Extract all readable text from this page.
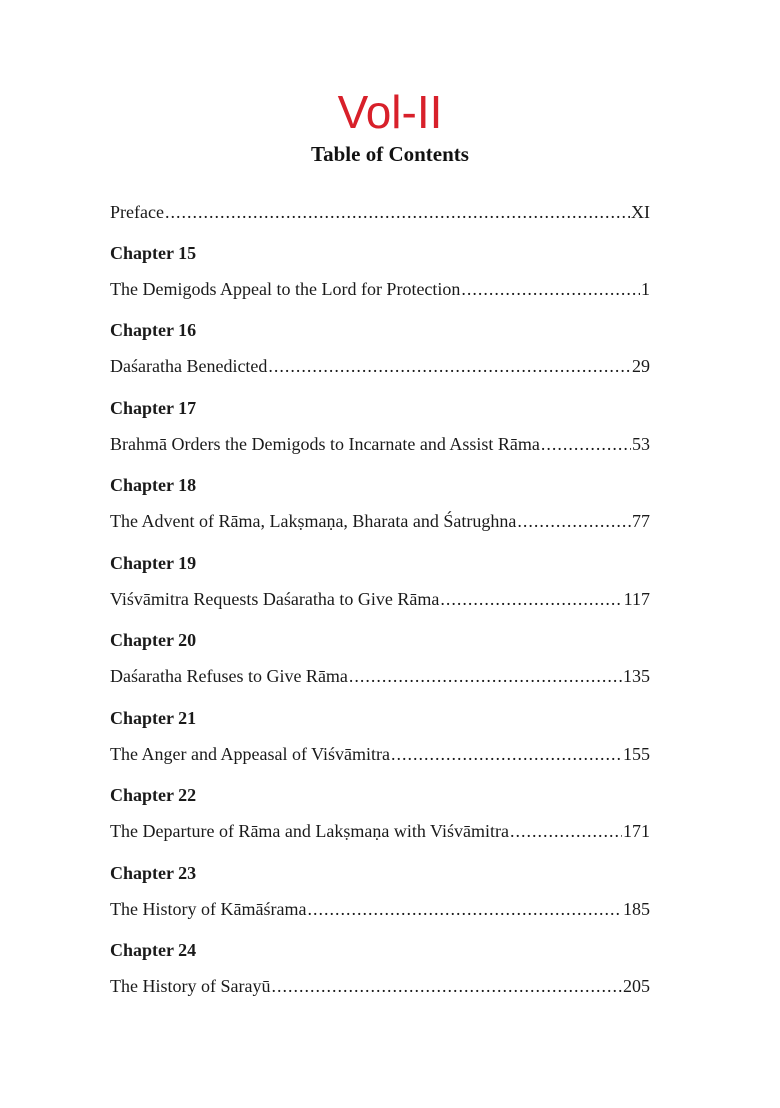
Vol-II
Table of Contents
Preface .....	XI
Chapter 15
The Demigods Appeal to the Lord for Protection .....	1
Chapter 16
Daśaratha Benedicted .....	29
Chapter 17
Brahmā Orders the Demigods to Incarnate and Assist Rāma .....	53
Chapter 18
The Advent of Rāma, Lakṣmaṇa, Bharata and Śatrughna .....	77
Chapter 19
Viśvāmitra Requests Daśaratha to Give Rāma .....	117
Chapter 20
Daśaratha Refuses to Give Rāma .....	135
Chapter 21
The Anger and Appeasal of Viśvāmitra .....	155
Chapter 22
The Departure of Rāma and Lakṣmaṇa with Viśvāmitra .....	171
Chapter 23
The History of Kāmāśrama .....	185
Chapter 24
The History of Sarayū .....	205
